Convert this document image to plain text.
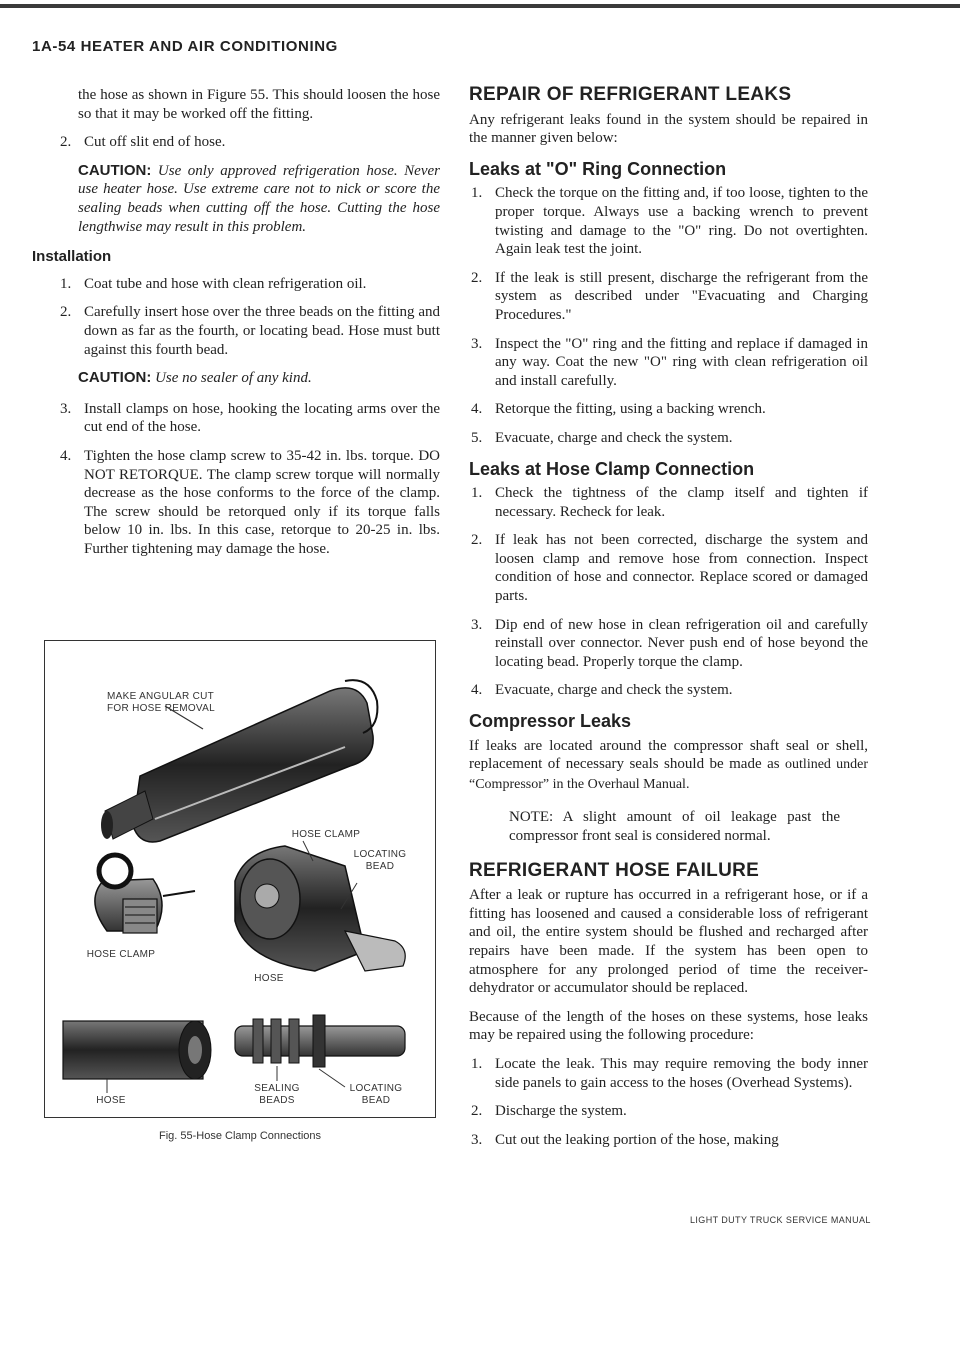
1A-54 HEATER AND AIR CONDITIONING

the hose as shown in Figure 55. This should loosen the hose so that it may be worked off the fitting.

2. Cut off slit end of hose.
CAUTION: Use only approved refrigeration hose. Never use heater hose. Use extreme care not to nick or score the sealing beads when cutting off the hose. Cutting the hose lengthwise may result in this problem.
Installation
1. Coat tube and hose with clean refrigeration oil.
2. Carefully insert hose over the three beads on the fitting and down as far as the fourth, or locating bead. Hose must butt against this fourth bead.
CAUTION: Use no sealer of any kind.
3. Install clamps on hose, hooking the locating arms over the cut end of the hose.
4. Tighten the hose clamp screw to 35-42 in. lbs. torque. DO NOT RETORQUE. The clamp screw torque will normally decrease as the hose conforms to the force of the clamp. The screw should be retorqued only if its torque falls below 10 in. lbs. In this case, retorque to 20-25 in. lbs. Further tightening may damage the hose.
MAKE ANGULAR CUT FOR HOSE REMOVAL
HOSE CLAMP
LOCATING BEAD
HOSE CLAMP
HOSE
HOSE
SEALING BEADS
LOCATING BEAD
Fig. 55-Hose Clamp Connections
REPAIR OF REFRIGERANT LEAKS

Any refrigerant leaks found in the system should be repaired in the manner given below:

Leaks at "O" Ring Connection
1. Check the torque on the fitting and, if too loose, tighten to the proper torque. Always use a backing wrench to prevent twisting and damage to the "O" ring. Do not overtighten. Again leak test the joint.
2. If the leak is still present, discharge the refrigerant from the system as described under "Evacuating and Charging Procedures."
3. Inspect the "O" ring and the fitting and replace if damaged in any way. Coat the new "O" ring with clean refrigeration oil and install carefully.
4. Retorque the fitting, using a backing wrench.
5. Evacuate, charge and check the system.
Leaks at Hose Clamp Connection
1. Check the tightness of the clamp itself and tighten if necessary. Recheck for leak.
2. If leak has not been corrected, discharge the system and loosen clamp and remove hose from connection. Inspect condition of hose and connector. Replace scored or damaged parts.
3. Dip end of new hose in clean refrigeration oil and carefully reinstall over connector. Never push end of hose beyond the locating bead. Properly torque the clamp.
4. Evacuate, charge and check the system.
Compressor Leaks

If leaks are located around the compressor shaft seal or shell, replacement of necessary seals should be made as outlined under “Compressor” in the Overhaul Manual.

NOTE: A slight amount of oil leakage past the compressor front seal is considered normal.

REFRIGERANT HOSE FAILURE

After a leak or rupture has occurred in a refrigerant hose, or if a fitting has loosened and caused a considerable loss of refrigerant and oil, the entire system should be flushed and recharged after repairs have been made. If the system has been open to atmosphere for any prolonged period of time the receiver-dehydrator or accumulator should be replaced.

Because of the length of the hoses on these systems, hose leaks may be repaired using the following procedure:

1. Locate the leak. This may require removing the body inner side panels to gain access to the hoses (Overhead Systems).
2. Discharge the system.
3. Cut out the leaking portion of the hose, making
LIGHT DUTY TRUCK SERVICE MANUAL
